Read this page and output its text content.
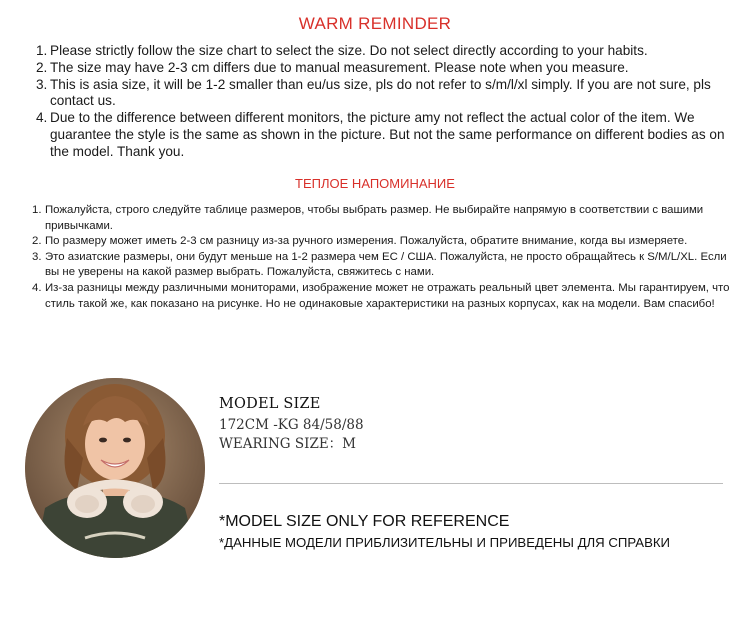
WARM REMINDER
1. Please strictly follow the size chart to select the size. Do not select directly according to your habits.
2. The size may have 2-3 cm differs due to manual measurement. Please note when you measure.
3. This is asia size, it will be 1-2 smaller than eu/us size, pls do not refer to s/m/l/xl simply. If you are not sure, pls contact us.
4. Due to the difference between different monitors, the picture amy not reflect the actual color of the item. We guarantee the style is the same as shown in the picture. But not the same performance on different bodies as on the model. Thank you.
ТЕПЛОЕ НАПОМИНАНИЕ
1. Пожалуйста, строго следуйте таблице размеров, чтобы выбрать размер. Не выбирайте напрямую в соответствии с вашими привычками.
2. По размеру может иметь 2-3 см разницу из-за ручного измерения. Пожалуйста, обратите внимание, когда вы измеряете.
3. Это азиатские размеры, они будут меньше на 1-2 размера чем ЕС / США. Пожалуйста, не просто обращайтесь к S/M/L/XL. Если вы не уверены на какой размер выбрать. Пожалуйста, свяжитесь с нами.
4. Из-за разницы между различными мониторами, изображение может не отражать реальный цвет элемента. Мы гарантируем, что стиль такой же, как показано на рисунке. Но не одинаковые характеристики на разных корпусах, как на модели. Вам спасибо!
MODEL SIZE
172CM -KG 84/58/88
WEARING SIZE：M
*MODEL SIZE ONLY FOR REFERENCE
*ДАННЫЕ МОДЕЛИ ПРИБЛИЗИТЕЛЬНЫ И ПРИВЕДЕНЫ ДЛЯ СПРАВКИ
